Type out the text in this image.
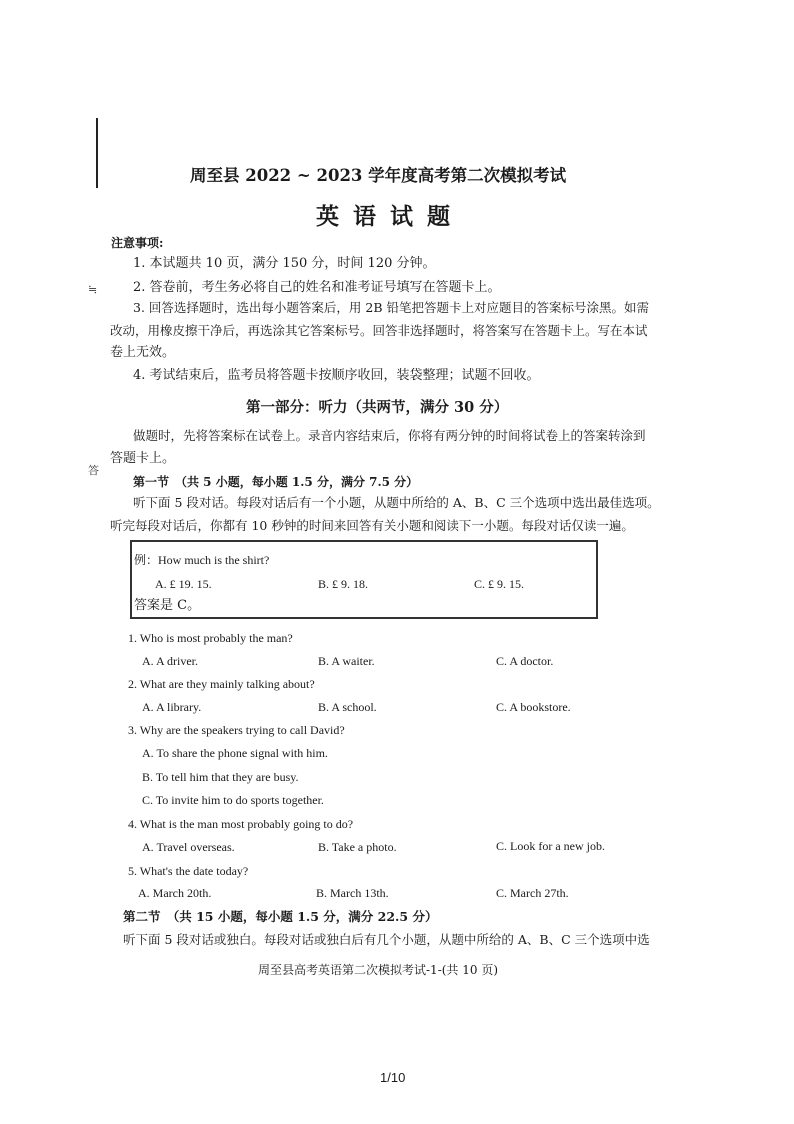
≒
答
周至县 2022 ~ 2023 学年度高考第二次模拟考试
英 语 试 题
注意事项:
1. 本试题共 10 页，满分 150 分，时间 120 分钟。
2. 答卷前，考生务必将自己的姓名和准考证号填写在答题卡上。
3. 回答选择题时，选出每小题答案后，用 2B 铅笔把答题卡上对应题目的答案标号涂黑。如需
改动，用橡皮擦干净后，再选涂其它答案标号。回答非选择题时，将答案写在答题卡上。写在本试
卷上无效。
4. 考试结束后，监考员将答题卡按顺序收回，装袋整理；试题不回收。
第一部分：听力（共两节，满分 30 分）
做题时，先将答案标在试卷上。录音内容结束后，你将有两分钟的时间将试卷上的答案转涂到
答题卡上。
第一节　（共 5 小题，每小题 1.5 分，满分 7.5 分）
听下面 5 段对话。每段对话后有一个小题，从题中所给的 A、B、C 三个选项中选出最佳选项。
听完每段对话后，你都有 10 秒钟的时间来回答有关小题和阅读下一小题。每段对话仅读一遍。
例：How much is the shirt?
A. £ 19. 15.	B. £ 9. 18.	C. £ 9. 15.
答案是 C。
1. Who is most probably the man?
A. A driver.	B. A waiter.	C. A doctor.
2. What are they mainly talking about?
A. A library.	B. A school.	C. A bookstore.
3. Why are the speakers trying to call David?
A. To share the phone signal with him.
B. To tell him that they are busy.
C. To invite him to do sports together.
4. What is the man most probably going to do?
A. Travel overseas.	B. Take a photo.	C. Look for a new job.
5. What's the date today?
A. March 20th.	B. March 13th.	C. March 27th.
第二节　（共 15 小题，每小题 1.5 分，满分 22.5 分）
听下面 5 段对话或独白。每段对话或独白后有几个小题，从题中所给的 A、B、C 三个选项中选
周至县高考英语第二次模拟考试-1-(共 10 页)
1/10
